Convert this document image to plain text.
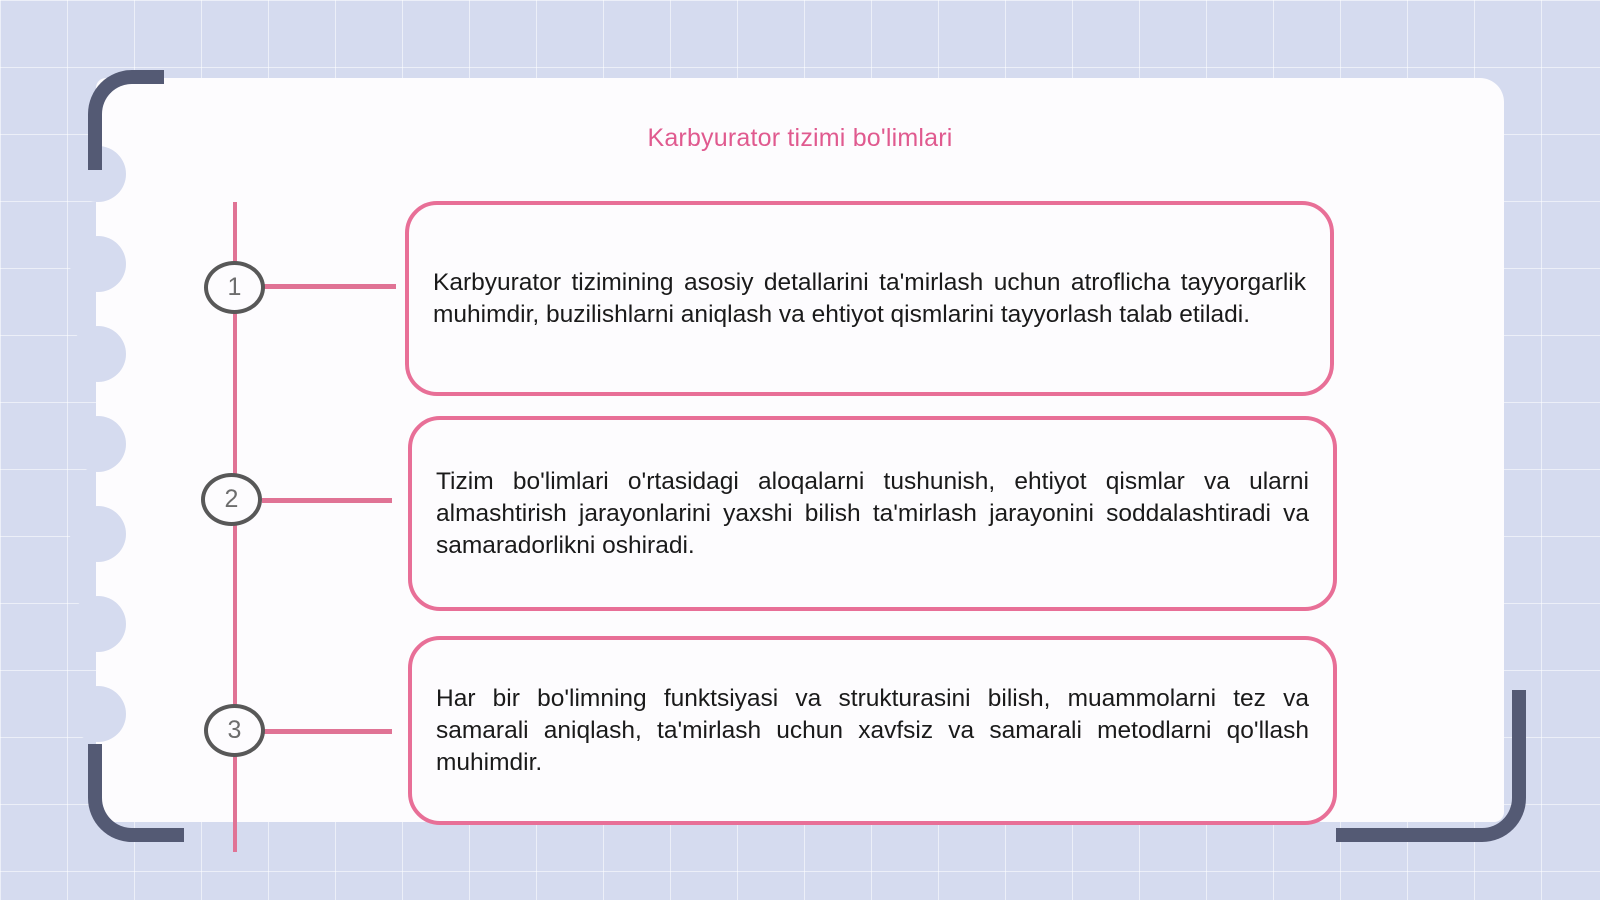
Karbyurator tizimi bo'limlari
1
2
3

Karbyurator tizimining asosiy detallarini ta'mirlash uchun atroflicha tayyorgarlik muhimdir, buzilishlarni aniqlash va ehtiyot qismlarini tayyorlash talab etiladi.

Tizim bo'limlari o'rtasidagi aloqalarni tushunish, ehtiyot qismlar va ularni almashtirish jarayonlarini yaxshi bilish ta'mirlash jarayonini soddalashtiradi va samaradorlikni oshiradi.

Har bir bo'limning funktsiyasi va strukturasini bilish, muammolarni tez va samarali aniqlash, ta'mirlash uchun xavfsiz va samarali metodlarni qo'llash muhimdir.
